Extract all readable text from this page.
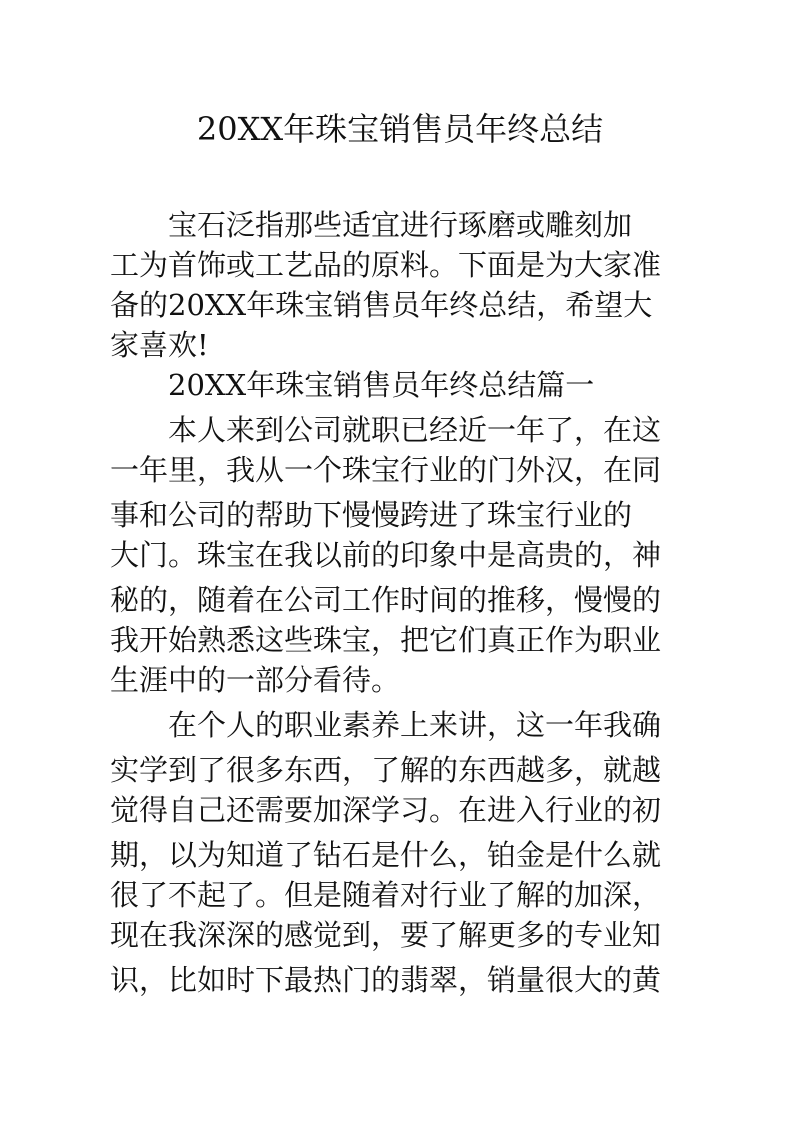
20XX年珠宝销售员年终总结

　　宝石泛指那些适宜进行琢磨或雕刻加

工为首饰或工艺品的原料。下面是为大家准

备的20XX年珠宝销售员年终总结，希望大

家喜欢!

　　20XX年珠宝销售员年终总结篇一

　　本人来到公司就职已经近一年了，在这

一年里，我从一个珠宝行业的门外汉，在同

事和公司的帮助下慢慢跨进了珠宝行业的

大门。珠宝在我以前的印象中是高贵的，神

秘的，随着在公司工作时间的推移，慢慢的

我开始熟悉这些珠宝，把它们真正作为职业

生涯中的一部分看待。

　　在个人的职业素养上来讲，这一年我确

实学到了很多东西，了解的东西越多，就越

觉得自己还需要加深学习。在进入行业的初

期，以为知道了钻石是什么，铂金是什么就

很了不起了。但是随着对行业了解的加深，

现在我深深的感觉到，要了解更多的专业知

识，比如时下最热门的翡翠，销量很大的黄
